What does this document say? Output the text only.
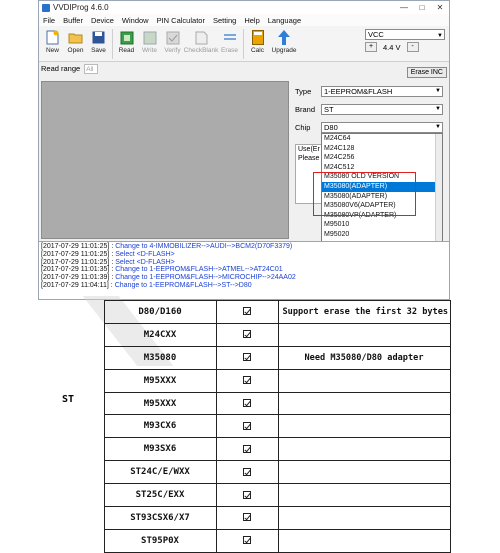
VVDIProg 4.6.0	—	□	✕
File	Buffer	Device	Window	PIN Calculator	Setting	Help	Language
New Open Save Read Write Verify CheckBlank Erase Calc Upgrade
VCC	▼
+	4.4 V	-
Read range All	Erase INC
Type	1-EEPROM&FLASH	▼
Brand	ST	▼
Chip	D80	▼
Use(Er
Please
M24C64
M24C128
M24C256
M24C512
M35080 OLD VERSION
M35080(ADAPTER)
M35080(ADAPTER)
M35080V6(ADAPTER)
M35080VP(ADAPTER)
M95010
M95020
[2017-07-29 11:01:25] : Change to 4-IMMOBILIZER-->AUDI-->BCM2(D70F3379)
[2017-07-29 11:01:25] : Select <D-FLASH>
[2017-07-29 11:01:25] : Select <D-FLASH>
[2017-07-29 11:01:35] : Change to 1-EEPROM&FLASH-->ATMEL-->AT24C01
[2017-07-29 11:01:39] : Change to 1-EEPROM&FLASH-->MICROCHIP-->24AA02
[2017-07-29 11:04:11] : Change to 1-EEPROM&FLASH-->ST-->D80
	D80/D160		Support erase the first 32 bytes
	M24CXX		
	M35080		Need M35080/D80 adapter
	M95XXX		
	M95XXX		
	M93CX6		
	M93SX6		
	ST24C/E/WXX		
	ST25C/EXX		
	ST93CSX6/X7		
	ST95P0X		
ST
